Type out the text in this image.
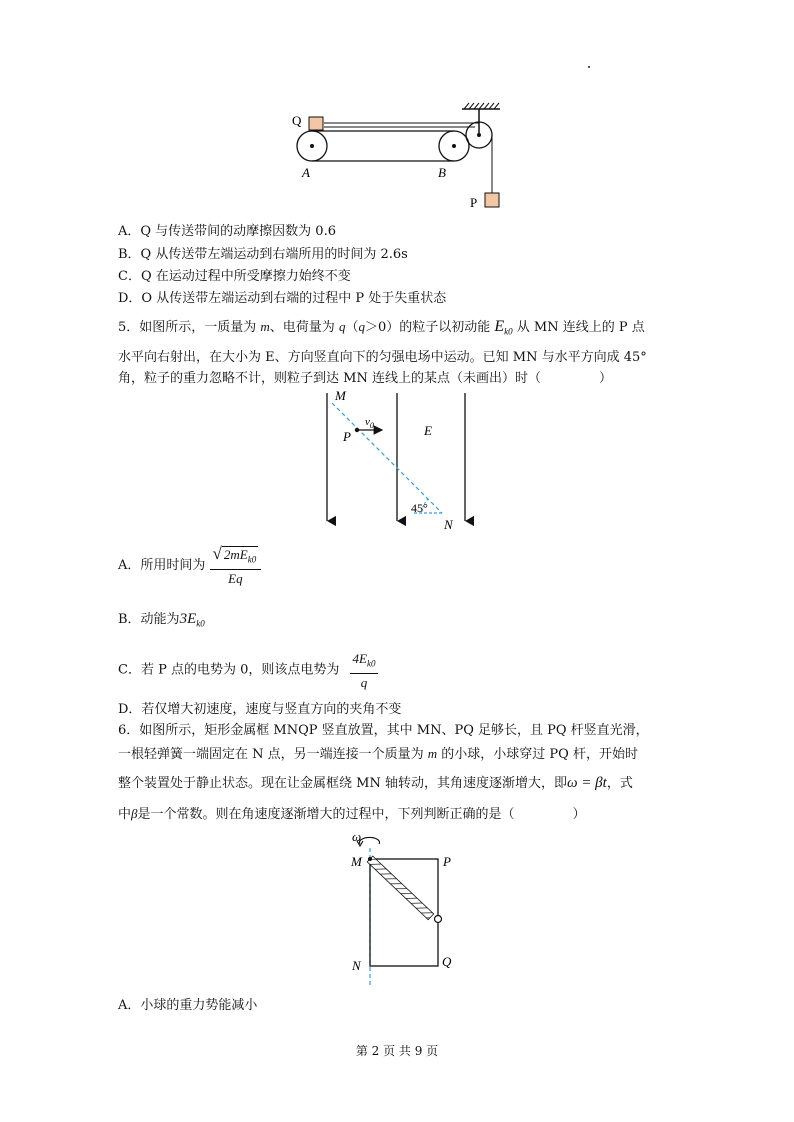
Q
A	B
P
A．Q 与传送带间的动摩擦因数为 0.6
B．Q 从传送带左端运动到右端所用的时间为 2.6s
C．Q 在运动过程中所受摩擦力始终不变
D．O 从传送带左端运动到右端的过程中 P 处于失重状态
5．如图所示，一质量为 m、电荷量为 q（q＞0）的粒子以初动能 $E_{k0}$ 从 MN 连线上的 P 点
水平向右射出，在大小为 E、方向竖直向下的匀强电场中运动。已知 MN 与水平方向成 45°
角，粒子的重力忽略不计，则粒子到达 MN 连线上的某点（未画出）时（	）
M
$v_0$
P	E
45°
N
A．所用时间为 $\frac{√ 2mE_{k0}}{Eq}$
B．动能为$3E_{k0}$
C．若 P 点的电势为 0，则该点电势为 $\frac{4E_{k0}}{q}$
D．若仅增大初速度，速度与竖直方向的夹角不变
6．如图所示，矩形金属框 MNQP 竖直放置，其中 MN、PQ 足够长，且 PQ 杆竖直光滑，
一根轻弹簧一端固定在 N 点，另一端连接一个质量为 m 的小球，小球穿过 PQ 杆，开始时
整个装置处于静止状态。现在让金属框绕 MN 轴转动，其角速度逐渐增大，即ω = βt，式
中β是一个常数。则在角速度逐渐增大的过程中，下列判断正确的是（	）
ω
M	P
N	Q
A．小球的重力势能减小
第 2 页 共 9 页
